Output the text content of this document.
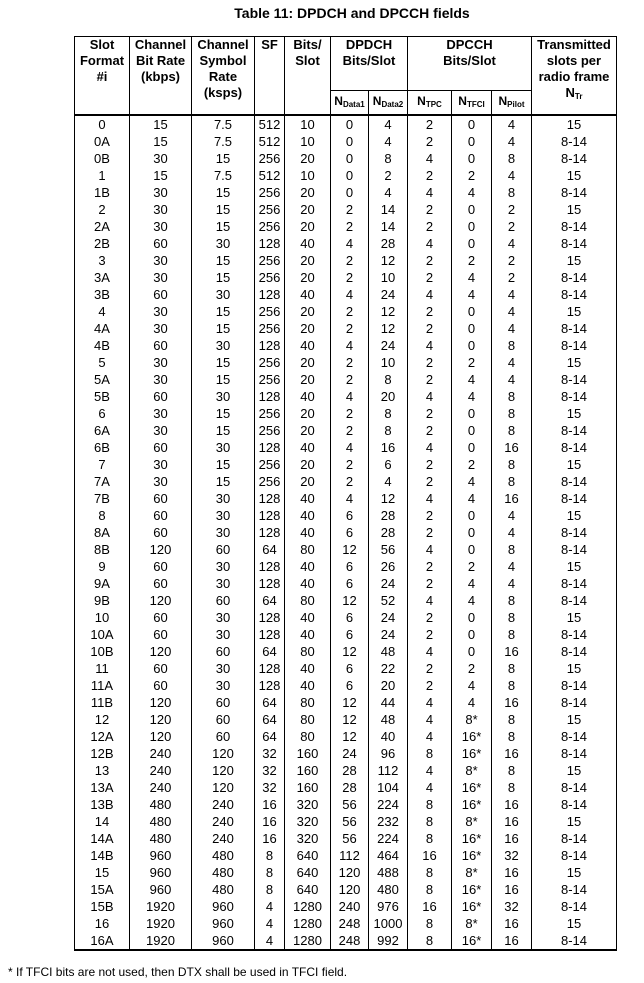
Table 11: DPDCH and DPCCH fields
Slot
Format
#i	Channel
Bit Rate
(kbps)	Channel
Symbol
Rate
(ksps)	SF	Bits/
Slot	DPDCH
Bits/Slot		DPCCH
Bits/Slot			Transmitted
slots per
radio frame
$N_{Tr}$
					$N_{Data1}$	$N_{Data2}$	$N_{TPC}$	$N_{TFCI}$	$N_{Pilot}$
0	15	7.5	512	10	0	4	2	0	4	15
0A	15	7.5	512	10	0	4	2	0	4	8-14
0B	30	15	256	20	0	8	4	0	8	8-14
1	15	7.5	512	10	0	2	2	2	4	15
1B	30	15	256	20	0	4	4	4	8	8-14
2	30	15	256	20	2	14	2	0	2	15
2A	30	15	256	20	2	14	2	0	2	8-14
2B	60	30	128	40	4	28	4	0	4	8-14
3	30	15	256	20	2	12	2	2	2	15
3A	30	15	256	20	2	10	2	4	2	8-14
3B	60	30	128	40	4	24	4	4	4	8-14
4	30	15	256	20	2	12	2	0	4	15
4A	30	15	256	20	2	12	2	0	4	8-14
4B	60	30	128	40	4	24	4	0	8	8-14
5	30	15	256	20	2	10	2	2	4	15
5A	30	15	256	20	2	8	2	4	4	8-14
5B	60	30	128	40	4	20	4	4	8	8-14
6	30	15	256	20	2	8	2	0	8	15
6A	30	15	256	20	2	8	2	0	8	8-14
6B	60	30	128	40	4	16	4	0	16	8-14
7	30	15	256	20	2	6	2	2	8	15
7A	30	15	256	20	2	4	2	4	8	8-14
7B	60	30	128	40	4	12	4	4	16	8-14
8	60	30	128	40	6	28	2	0	4	15
8A	60	30	128	40	6	28	2	0	4	8-14
8B	120	60	64	80	12	56	4	0	8	8-14
9	60	30	128	40	6	26	2	2	4	15
9A	60	30	128	40	6	24	2	4	4	8-14
9B	120	60	64	80	12	52	4	4	8	8-14
10	60	30	128	40	6	24	2	0	8	15
10A	60	30	128	40	6	24	2	0	8	8-14
10B	120	60	64	80	12	48	4	0	16	8-14
11	60	30	128	40	6	22	2	2	8	15
11A	60	30	128	40	6	20	2	4	8	8-14
11B	120	60	64	80	12	44	4	4	16	8-14
12	120	60	64	80	12	48	4	8*	8	15
12A	120	60	64	80	12	40	4	16*	8	8-14
12B	240	120	32	160	24	96	8	16*	16	8-14
13	240	120	32	160	28	112	4	8*	8	15
13A	240	120	32	160	28	104	4	16*	8	8-14
13B	480	240	16	320	56	224	8	16*	16	8-14
14	480	240	16	320	56	232	8	8*	16	15
14A	480	240	16	320	56	224	8	16*	16	8-14
14B	960	480	8	640	112	464	16	16*	32	8-14
15	960	480	8	640	120	488	8	8*	16	15
15A	960	480	8	640	120	480	8	16*	16	8-14
15B	1920	960	4	1280	240	976	16	16*	32	8-14
16	1920	960	4	1280	248	1000	8	8*	16	15
16A	1920	960	4	1280	248	992	8	16*	16	8-14
* If TFCI bits are not used, then DTX shall be used in TFCI field.
